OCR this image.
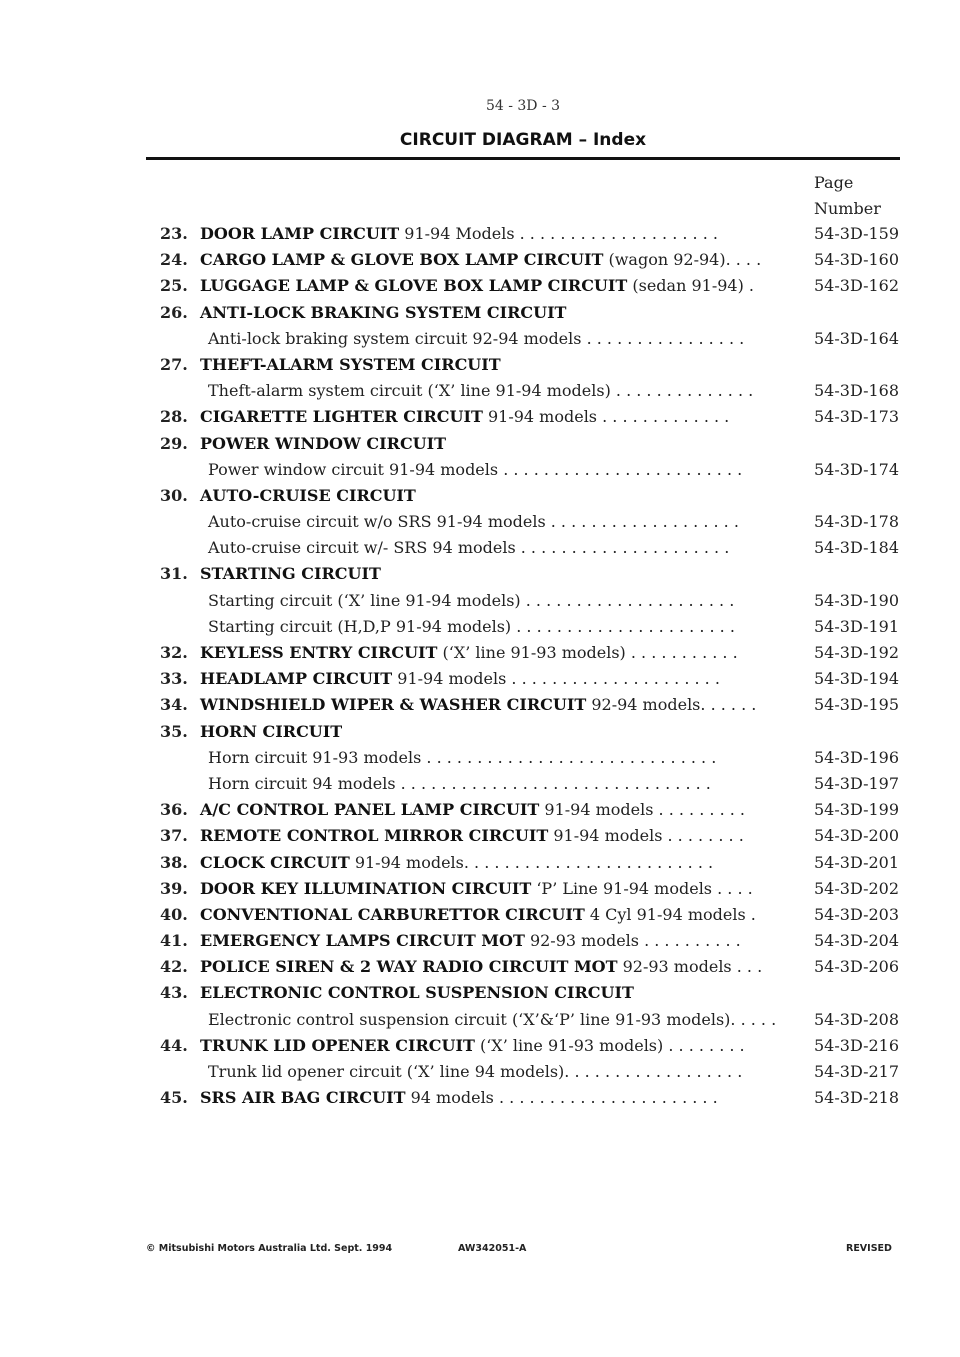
54 - 3D - 3
CIRCUIT DIAGRAM – Index
Page
Number
23. DOOR LAMP CIRCUIT 91-94 Models . . . . . . . . . . . . . . . . . . . .	54-3D-159
24. CARGO LAMP & GLOVE BOX LAMP CIRCUIT (wagon 92-94). . . .	54-3D-160
25. LUGGAGE LAMP & GLOVE BOX LAMP CIRCUIT (sedan 91-94) .	54-3D-162
26. ANTI-LOCK BRAKING SYSTEM CIRCUIT
Anti-lock braking system circuit 92-94 models . . . . . . . . . . . . . . . .	54-3D-164
27. THEFT-ALARM SYSTEM CIRCUIT
Theft-alarm system circuit (‘X’ line 91-94 models) . . . . . . . . . . . . . .	54-3D-168
28. CIGARETTE LIGHTER CIRCUIT 91-94 models . . . . . . . . . . . . .	54-3D-173
29. POWER WINDOW CIRCUIT
Power window circuit 91-94 models . . . . . . . . . . . . . . . . . . . . . . . .	54-3D-174
30. AUTO-CRUISE CIRCUIT
Auto-cruise circuit w/o SRS 91-94 models . . . . . . . . . . . . . . . . . . .	54-3D-178
Auto-cruise circuit w/- SRS 94 models . . . . . . . . . . . . . . . . . . . . .	54-3D-184
31. STARTING CIRCUIT
Starting circuit (‘X’ line 91-94 models) . . . . . . . . . . . . . . . . . . . . .	54-3D-190
Starting circuit (H,D,P 91-94 models) . . . . . . . . . . . . . . . . . . . . . .	54-3D-191
32. KEYLESS ENTRY CIRCUIT (‘X’ line 91-93 models) . . . . . . . . . . .	54-3D-192
33. HEADLAMP CIRCUIT 91-94 models . . . . . . . . . . . . . . . . . . . . .	54-3D-194
34. WINDSHIELD WIPER & WASHER CIRCUIT 92-94 models. . . . . .	54-3D-195
35. HORN CIRCUIT
Horn circuit 91-93 models . . . . . . . . . . . . . . . . . . . . . . . . . . . . .	54-3D-196
Horn circuit 94 models . . . . . . . . . . . . . . . . . . . . . . . . . . . . . . .	54-3D-197
36. A/C CONTROL PANEL LAMP CIRCUIT 91-94 models . . . . . . . . .	54-3D-199
37. REMOTE CONTROL MIRROR CIRCUIT 91-94 models . . . . . . . .	54-3D-200
38. CLOCK CIRCUIT 91-94 models. . . . . . . . . . . . . . . . . . . . . . . . .	54-3D-201
39. DOOR KEY ILLUMINATION CIRCUIT ‘P’ Line 91-94 models . . . .	54-3D-202
40. CONVENTIONAL CARBURETTOR CIRCUIT 4 Cyl 91-94 models .	54-3D-203
41. EMERGENCY LAMPS CIRCUIT MOT 92-93 models . . . . . . . . . .	54-3D-204
42. POLICE SIREN & 2 WAY RADIO CIRCUIT MOT 92-93 models . . .	54-3D-206
43. ELECTRONIC CONTROL SUSPENSION CIRCUIT
Electronic control suspension circuit (‘X’&‘P’ line 91-93 models). . . . . 54-3D-208
44. TRUNK LID OPENER CIRCUIT (‘X’ line 91-93 models) . . . . . . . .	54-3D-216
Trunk lid opener circuit (‘X’ line 94 models). . . . . . . . . . . . . . . . . .	54-3D-217
45. SRS AIR BAG CIRCUIT 94 models . . . . . . . . . . . . . . . . . . . . . .	54-3D-218
© Mitsubishi Motors Australia Ltd. Sept. 1994	AW342051-A	REVISED
